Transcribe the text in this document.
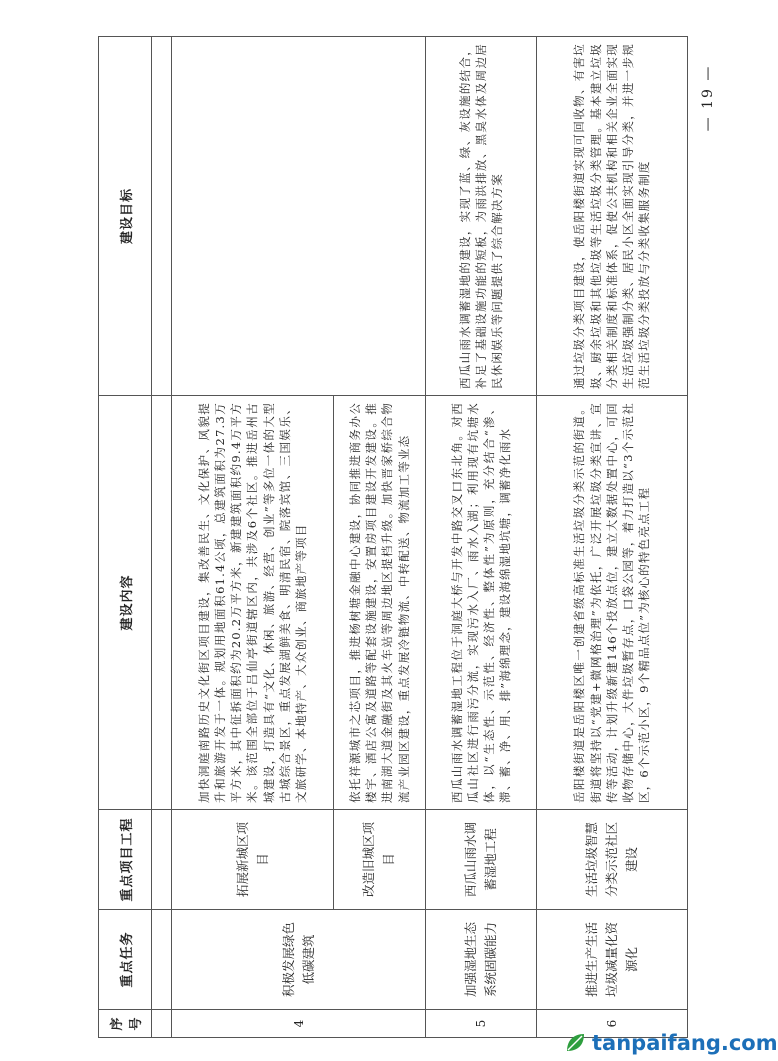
序号	重点任务	重点项目工程	建设内容	建设目标

4	积极发展绿色低碳建筑	拓展新城区项目	加快洞庭南路历史文化街区项目建设，集改善民生、文化保护、风貌提升和旅游开发于一体。规划用地面积61.4公顷，总建筑面积为27.3万平方米，其中征拆面积约为20.2万平方米，新建建筑面积约9.4万平方米。该范围全部位于吕仙亭街道辖区内，共涉及6个社区。推进岳州古城建设，打造具有“文化、休闲、旅游、经营、创业”等多位一体的大型古城综合景区，重点发展湖鲜美食、明清民宿、院落宾馆、三国娱乐、文旅研学、本地特产、大众创业、商旅地产等项目	
		改造旧城区项目	依托祥源城市之芯项目，推进杨树塘金融中心建设，协同推进商务办公楼宇、酒店公寓及道路等配套设施建设，安置房项目建设开发建设。推进南湖大道金融街及其火车站等周边地区提档升级。加快晋家桥综合物流产业园区建设，重点发展冷链物流、中转配送、物流加工等业态	
5	加强湿地生态系统固碳能力	西瓜山雨水调蓄湿地工程	西瓜山雨水调蓄湿地工程位于洞庭大桥与开发中路交叉口东北角。对西瓜山社区进行雨污分流，实现污水入厂、雨水入湖；利用现有坑塘水体，以“生态性、示范性、经济性、整体性”为原则，充分结合“渗、滞、蓄、净、用、排”海绵理念，建设海绵湿地坑塘，调蓄净化雨水	西瓜山雨水调蓄湿地的建设，实现了蓝、绿、灰设施的结合，补足了基础设施功能的短板，为雨洪排放、黑臭水体及周边居民休闲娱乐等问题提供了综合解决方案
6	推进生产生活垃圾减量化资源化	生活垃圾智慧分类示范社区建设	岳阳楼街道是岳阳楼区唯一创建省级高标准生活垃圾分类示范的街道。街道将坚持以“党建+微网格治理”为依托，广泛开展垃圾分类宣讲、宣传等活动，计划升级新建146个投放点位，建立大数据处置中心，可回收物存储中心，大件垃圾暂存点，口袋公园等，着力打造以“3个示范社区，6个示范小区，9个精品点位”为核心的特色亮点工程	通过垃圾分类项目建设，使岳阳楼街道实现可回收物、有害垃圾、厨余垃圾和其他垃圾等生活垃圾分类管理。基本建立垃圾分类相关制度和标准体系，促使公共机构和相关企业全面实现生活垃圾强制分类、居民小区全面实现引导分类，并进一步规范生活垃圾分类投放与分类收集服务制度
— 19 —
tanpaifang.com
